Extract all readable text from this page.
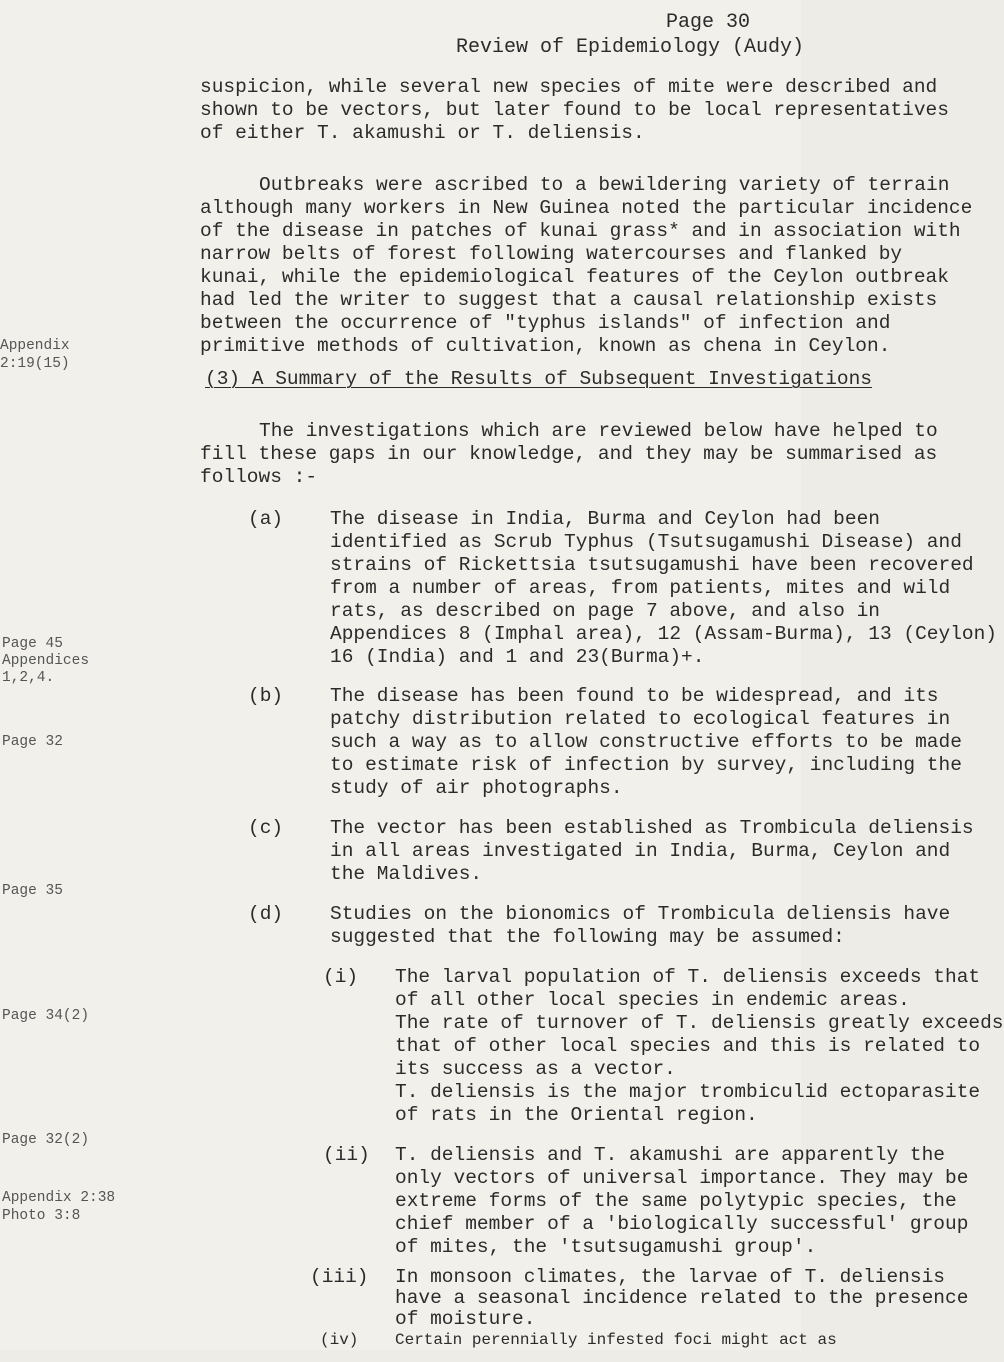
Page 30
Review of Epidemiology (Audy)
suspicion, while several new species of mite were described and
shown to be vectors, but later found to be local representatives
of either T. akamushi or T. deliensis.
Outbreaks were ascribed to a bewildering variety of terrain
although many workers in New Guinea noted the particular incidence
of the disease in patches of kunai grass* and in association with
narrow belts of forest following watercourses and flanked by
kunai, while the epidemiological features of the Ceylon outbreak
had led the writer to suggest that a causal relationship exists
between the occurrence of "typhus islands" of infection and
primitive methods of cultivation, known as chena in Ceylon.
Appendix
2:19(15)
Page 45
Appendices
1,2,4.
Page 32
Page 35
Page 34(2)
Page 32(2)
Appendix 2:38
Photo 3:8
(3) A Summary of the Results of Subsequent Investigations
The investigations which are reviewed below have helped to
fill these gaps in our knowledge, and they may be summarised as
follows :-
(a) The disease in India, Burma and Ceylon had been
identified as Scrub Typhus (Tsutsugamushi Disease) and
strains of Rickettsia tsutsugamushi have been recovered
from a number of areas, from patients, mites and wild
rats, as described on page 7 above, and also in
Appendices 8 (Imphal area), 12 (Assam-Burma), 13 (Ceylon)
16 (India) and 1 and 23(Burma)+.
(b) The disease has been found to be widespread, and its
patchy distribution related to ecological features in
such a way as to allow constructive efforts to be made
to estimate risk of infection by survey, including the
study of air photographs.
(c) The vector has been established as Trombicula deliensis
in all areas investigated in India, Burma, Ceylon and
the Maldives.
(d) Studies on the bionomics of Trombicula deliensis have
suggested that the following may be assumed:
(i) The larval population of T. deliensis exceeds that
of all other local species in endemic areas.
The rate of turnover of T. deliensis greatly exceeds
that of other local species and this is related to
its success as a vector.
T. deliensis is the major trombiculid ectoparasite
of rats in the Oriental region.
(ii) T. deliensis and T. akamushi are apparently the
only vectors of universal importance. They may be
extreme forms of the same polytypic species, the
chief member of a 'biologically successful' group
of mites, the 'tsutsugamushi group'.
(iii) In monsoon climates, the larvae of T. deliensis
have a seasonal incidence related to the presence
of moisture.
(iv) Certain perennially infested foci might act as
